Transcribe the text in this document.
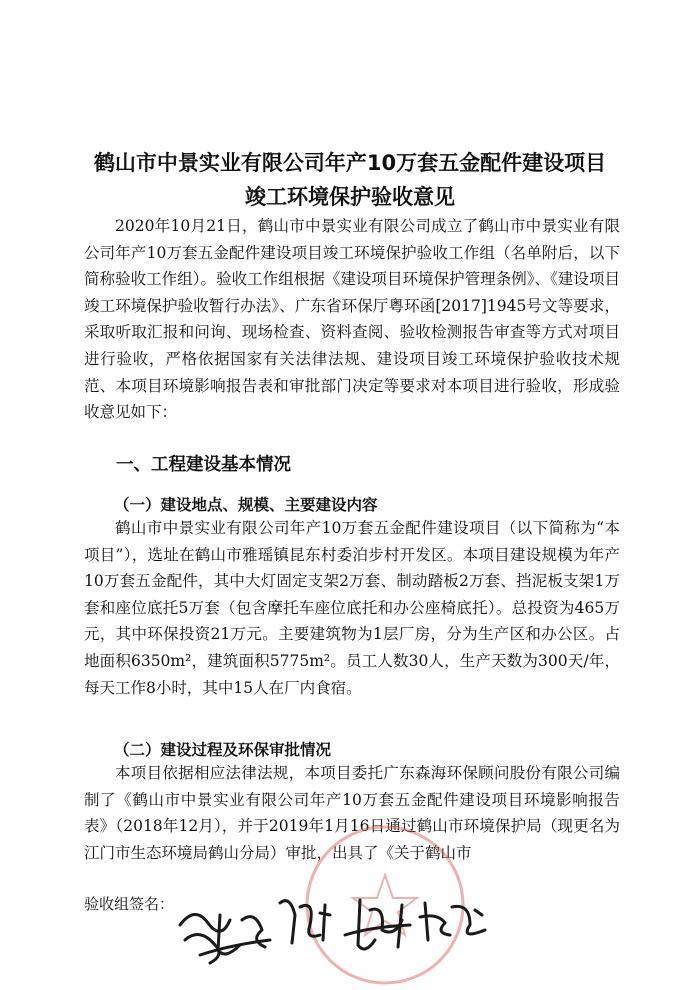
鹤山市中景实业有限公司年产10万套五金配件建设项目
竣工环境保护验收意见

2020年10月21日，鹤山市中景实业有限公司成立了鹤山市中景实业有限公司年产10万套五金配件建设项目竣工环境保护验收工作组（名单附后，以下简称验收工作组）。验收工作组根据《建设项目环境保护管理条例》、《建设项目竣工环境保护验收暂行办法》、广东省环保厅粤环函[2017]1945号文等要求，采取听取汇报和问询、现场检查、资料查阅、验收检测报告审查等方式对项目进行验收，严格依据国家有关法律法规、建设项目竣工环境保护验收技术规范、本项目环境影响报告表和审批部门决定等要求对本项目进行验收，形成验收意见如下：

一、工程建设基本情况
（一）建设地点、规模、主要建设内容

鹤山市中景实业有限公司年产10万套五金配件建设项目（以下简称为“本项目”），选址在鹤山市雅瑶镇昆东村委泊步村开发区。本项目建设规模为年产10万套五金配件，其中大灯固定支架2万套、制动踏板2万套、挡泥板支架1万套和座位底托5万套（包含摩托车座位底托和办公座椅底托）。总投资为465万元，其中环保投资21万元。主要建筑物为1层厂房，分为生产区和办公区。占地面积6350m²，建筑面积5775m²。员工人数30人，生产天数为300天/年，每天工作8小时，其中15人在厂内食宿。

（二）建设过程及环保审批情况

本项目依据相应法律法规，本项目委托广东森海环保顾问股份有限公司编制了《鹤山市中景实业有限公司年产10万套五金配件建设项目环境影响报告表》（2018年12月），并于2019年1月16日通过鹤山市环境保护局（现更名为江门市生态环境局鹤山分局）审批，出具了《关于鹤山市

验收组签名：
